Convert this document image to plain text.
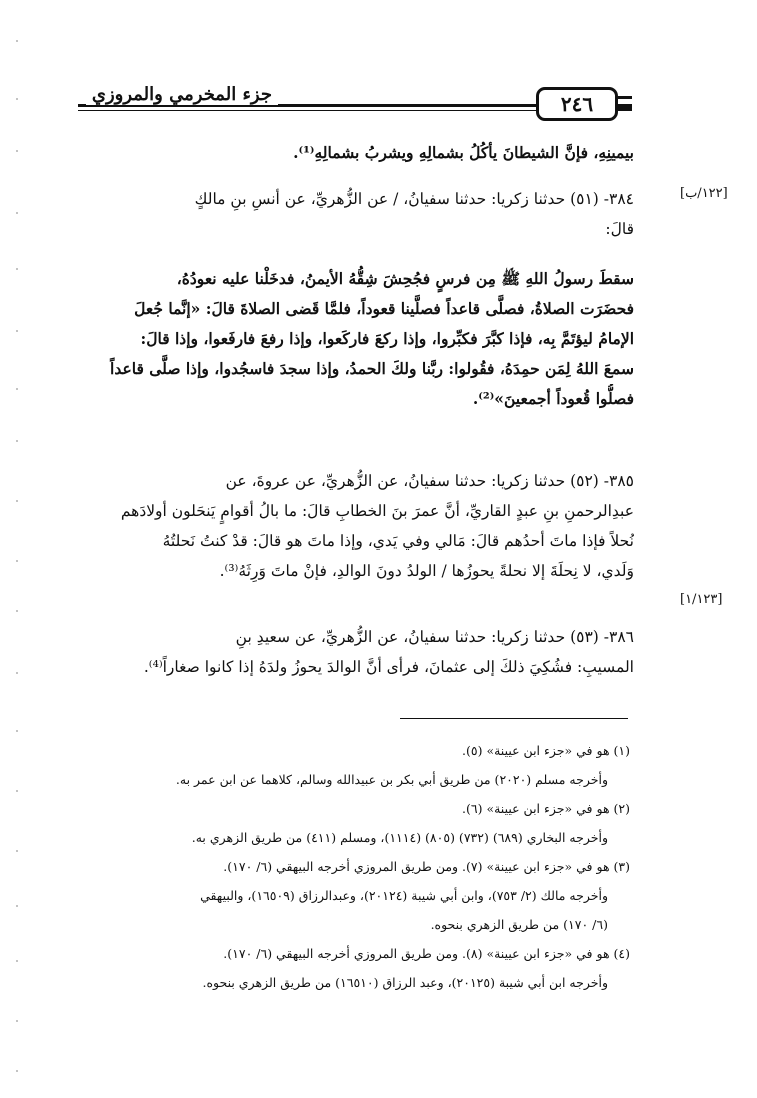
جزء المخرمي والمروزي	٢٤٦
بيمينِهِ، فإنَّ الشيطانَ يأكُلُ بشمالِهِ ويشربُ بشمالِهِ⁽¹⁾.
[١٢٢/ب]
٣٨٤- (٥١) حدثنا زكريا: حدثنا سفيانُ، / عن الزُّهريِّ، عن أنسِ بنِ مالكٍ
قالَ:
سقطَ رسولُ اللهِ ﷺ مِن فرسٍ فجُحِشَ شِقُّهُ الأيمنُ، فدخَلْنا عليه نعودُهُ،
فحضَرَت الصلاةُ، فصلَّى قاعداً فصلَّينا قعوداً، فلمَّا قَضى الصلاةَ قالَ: «إنَّما جُعلَ
الإمامُ ليؤتَمَّ بِه، فإذا كبَّرَ فكبِّروا، وإذا ركعَ فاركَعوا، وإذا رفعَ فارفَعوا، وإذا قالَ:
سمعَ اللهُ لِمَن حمِدَهُ، فقُولوا: ربَّنا ولكَ الحمدُ، وإذا سجدَ فاسجُدوا، وإذا صلَّى قاعداً
فصلُّوا قُعوداً أجمعينَ»⁽²⁾.
٣٨٥- (٥٢) حدثنا زكريا: حدثنا سفيانُ، عن الزُّهريِّ، عن عروةَ، عن
عبدِالرحمنِ بنِ عبدٍ القاريِّ، أنَّ عمرَ بنَ الخطابِ قالَ: ما بالُ أقوامٍ يَنحَلون أولادَهم
نُحلاً فإذا ماتَ أحدُهم قالَ: مَالي وفي يَدي، وإذا ماتَ هو قالَ: قدْ كنتُ نَحلتُهُ
وَلَدي، لا نِحلَةَ إلا نحلةً يحوزُها / الولدُ دونَ الوالدِ، فإنْ ماتَ وَرِثَهُ⁽³⁾.
[١/١٢٣]
٣٨٦- (٥٣) حدثنا زكريا: حدثنا سفيانُ، عن الزُّهريِّ، عن سعيدِ بنِ
المسيبِ: فشُكِيَ ذلكَ إلى عثمانَ، فرأى أنَّ الوالدَ يحوزُ ولدَهُ إذا كانوا صغاراً⁽⁴⁾.
(١) هو في «جزء ابن عيينة» (٥).
وأخرجه مسلم (٢٠٢٠) من طريق أبي بكر بن عبيدالله وسالم، كلاهما عن ابن عمر به.
(٢) هو في «جزء ابن عيينة» (٦).
وأخرجه البخاري (٦٨٩) (٧٣٢) (٨٠٥) (١١١٤)، ومسلم (٤١١) من طريق الزهري به.
(٣) هو في «جزء ابن عيينة» (٧). ومن طريق المروزي أخرجه البيهقي (٦/ ١٧٠).
وأخرجه مالك (٢/ ٧٥٣)، وابن أبي شيبة (٢٠١٢٤)، وعبدالرزاق (١٦٥٠٩)، والبيهقي
(٦/ ١٧٠) من طريق الزهري بنحوه.
(٤) هو في «جزء ابن عيينة» (٨). ومن طريق المروزي أخرجه البيهقي (٦/ ١٧٠).
وأخرجه ابن أبي شيبة (٢٠١٢٥)، وعبد الرزاق (١٦٥١٠) من طريق الزهري بنحوه.
